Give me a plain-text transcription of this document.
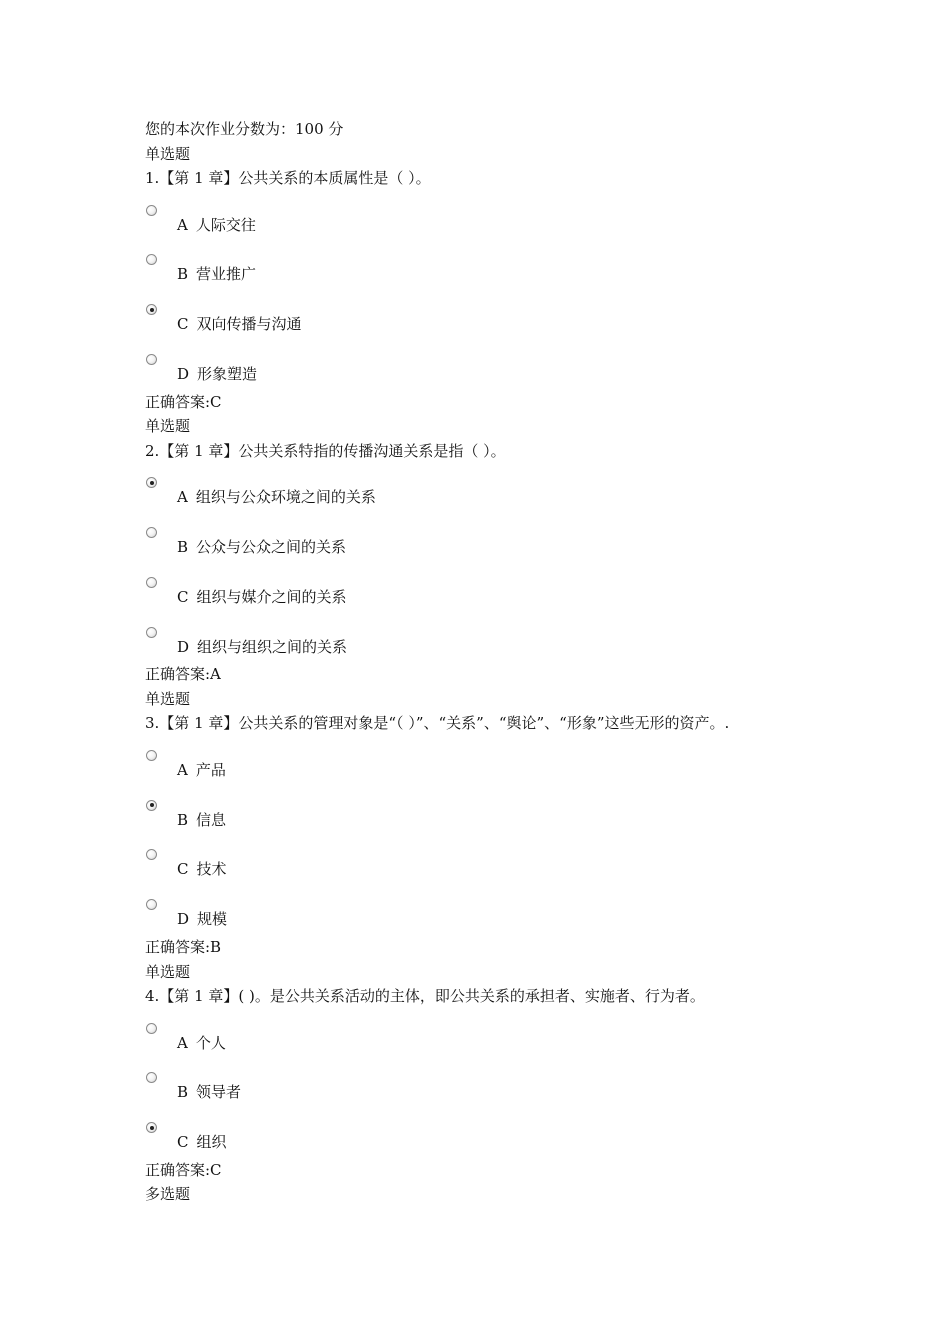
您的本次作业分数为：100 分
单选题
1.【第 1 章】公共关系的本质属性是（ ）。
A 人际交往
B 营业推广
C 双向传播与沟通
D 形象塑造
正确答案:C
单选题
2.【第 1 章】公共关系特指的传播沟通关系是指（ ）。
A 组织与公众环境之间的关系
B 公众与公众之间的关系
C 组织与媒介之间的关系
D 组织与组织之间的关系
正确答案:A
单选题
3.【第 1 章】公共关系的管理对象是“（ ）”、“关系”、“舆论”、“形象”这些无形的资产。.
A 产品
B 信息
C 技术
D 规模
正确答案:B
单选题
4.【第 1 章】( )。是公共关系活动的主体，即公共关系的承担者、实施者、行为者。
A 个人
B 领导者
C 组织
正确答案:C
多选题
